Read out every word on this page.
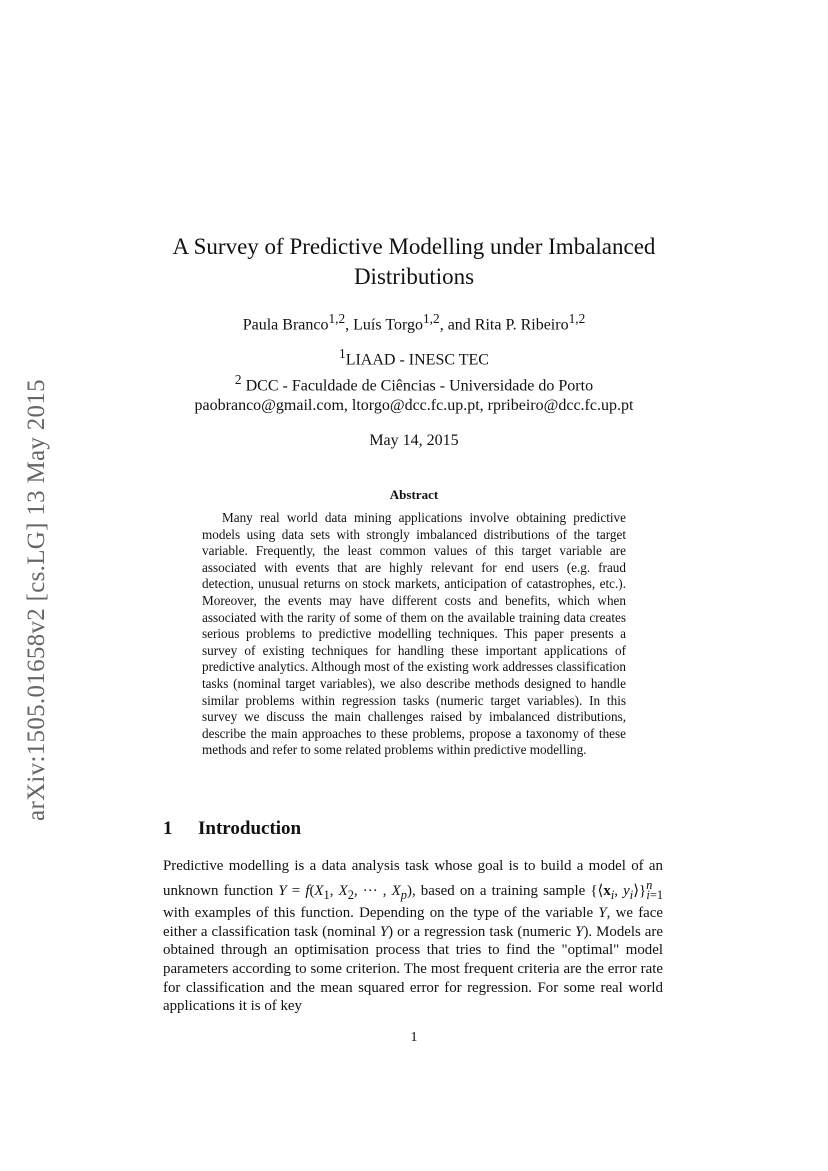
arXiv:1505.01658v2 [cs.LG] 13 May 2015
A Survey of Predictive Modelling under Imbalanced Distributions
Paula Branco$^{1,2}$, Luís Torgo$^{1,2}$, and Rita P. Ribeiro$^{1,2}$
$^1$LIAAD - INESC TEC
$^2$ DCC - Faculdade de Ciências - Universidade do Porto
paobranco@gmail.com, ltorgo@dcc.fc.up.pt, rpribeiro@dcc.fc.up.pt
May 14, 2015
Abstract

Many real world data mining applications involve obtaining predictive models using data sets with strongly imbalanced distributions of the target variable. Frequently, the least common values of this target variable are associated with events that are highly relevant for end users (e.g. fraud detection, unusual returns on stock markets, anticipation of catastrophes, etc.). Moreover, the events may have different costs and benefits, which when associated with the rarity of some of them on the available training data creates serious problems to predictive modelling techniques. This paper presents a survey of existing techniques for handling these important applications of predictive analytics. Although most of the existing work addresses classification tasks (nominal target variables), we also describe methods designed to handle similar problems within regression tasks (numeric target variables). In this survey we discuss the main challenges raised by imbalanced distributions, describe the main approaches to these problems, propose a taxonomy of these methods and refer to some related problems within predictive modelling.

1 Introduction

Predictive modelling is a data analysis task whose goal is to build a model of an unknown function $Y = f(X_1$, $X_2$, ··· , $X_p$), based on a training sample {$⟨x_i$, $y_i⟩\}^n_{i=1}$ with examples of this function. Depending on the type of the variable Y, we face either a classification task (nominal Y) or a regression task (numeric Y). Models are obtained through an optimisation process that tries to find the "optimal" model parameters according to some criterion. The most frequent criteria are the error rate for classification and the mean squared error for regression. For some real world applications it is of key

1
